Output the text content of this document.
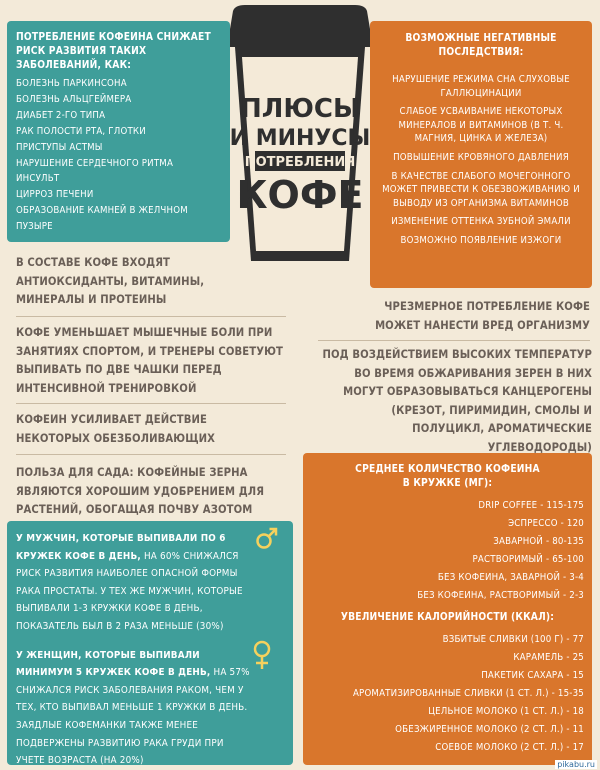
ПЛЮСЫ
И МИНУСЫ
ПОТРЕБЛЕНИЯ
КОФЕ
ПОТРЕБЛЕНИЕ КОФЕИНА СНИЖАЕТ РИСК РАЗВИТИЯ ТАКИХ ЗАБОЛЕВАНИЙ, КАК:
БОЛЕЗНЬ ПАРКИНСОНА
БОЛЕЗНЬ АЛЬЦГЕЙМЕРА
ДИАБЕТ 2-ГО ТИПА
РАК ПОЛОСТИ РТА, ГЛОТКИ
ПРИСТУПЫ АСТМЫ
НАРУШЕНИЕ СЕРДЕЧНОГО РИТМА
ИНСУЛЬТ
ЦИРРОЗ ПЕЧЕНИ
ОБРАЗОВАНИЕ КАМНЕЙ В ЖЕЛЧНОМ ПУЗЫРЕ
ВОЗМОЖНЫЕ НЕГАТИВНЫЕ ПОСЛЕДСТВИЯ:
НАРУШЕНИЕ РЕЖИМА СНА СЛУХОВЫЕ ГАЛЛЮЦИНАЦИИ
СЛАБОЕ УСВАИВАНИЕ НЕКОТОРЫХ МИНЕРАЛОВ И ВИТАМИНОВ (В Т. Ч. МАГНИЯ, ЦИНКА И ЖЕЛЕЗА)
ПОВЫШЕНИЕ КРОВЯНОГО ДАВЛЕНИЯ
В КАЧЕСТВЕ СЛАБОГО МОЧЕГОННОГО МОЖЕТ ПРИВЕСТИ К ОБЕЗВОЖИВАНИЮ И ВЫВОДУ ИЗ ОРГАНИЗМА ВИТАМИНОВ
ИЗМЕНЕНИЕ ОТТЕНКА ЗУБНОЙ ЭМАЛИ
ВОЗМОЖНО ПОЯВЛЕНИЕ ИЗЖОГИ
В СОСТАВЕ КОФЕ ВХОДЯТ АНТИОКСИДАНТЫ, ВИТАМИНЫ, МИНЕРАЛЫ И ПРОТЕИНЫ
КОФЕ УМЕНЬШАЕТ МЫШЕЧНЫЕ БОЛИ ПРИ ЗАНЯТИЯХ СПОРТОМ, И ТРЕНЕРЫ СОВЕТУЮТ ВЫПИВАТЬ ПО ДВЕ ЧАШКИ ПЕРЕД ИНТЕНСИВНОЙ ТРЕНИРОВКОЙ
КОФЕИН УСИЛИВАЕТ ДЕЙСТВИЕ НЕКОТОРЫХ ОБЕЗБОЛИВАЮЩИХ
ПОЛЬЗА ДЛЯ САДА: КОФЕЙНЫЕ ЗЕРНА ЯВЛЯЮТСЯ ХОРОШИМ УДОБРЕНИЕМ ДЛЯ РАСТЕНИЙ, ОБОГАЩАЯ ПОЧВУ АЗОТОМ
ЧРЕЗМЕРНОЕ ПОТРЕБЛЕНИЕ КОФЕ МОЖЕТ НАНЕСТИ ВРЕД ОРГАНИЗМУ
ПОД ВОЗДЕЙСТВИЕМ ВЫСОКИХ ТЕМПЕРАТУР ВО ВРЕМЯ ОБЖАРИВАНИЯ ЗЕРЕН В НИХ МОГУТ ОБРАЗОВЫВАТЬСЯ КАНЦЕРОГЕНЫ (КРЕЗОТ, ПИРИМИДИН, СМОЛЫ И ПОЛУЦИКЛ, АРОМАТИЧЕСКИЕ УГЛЕВОДОРОДЫ)

У МУЖЧИН, КОТОРЫЕ ВЫПИВАЛИ ПО 6 КРУЖЕК КОФЕ В ДЕНЬ, НА 60% СНИЖАЛСЯ РИСК РАЗВИТИЯ НАИБОЛЕЕ ОПАСНОЙ ФОРМЫ РАКА ПРОСТАТЫ. У ТЕХ ЖЕ МУЖЧИН, КОТОРЫЕ ВЫПИВАЛИ 1-3 КРУЖКИ КОФЕ В ДЕНЬ, ПОКАЗАТЕЛЬ БЫЛ В 2 РАЗА МЕНЬШЕ (30%)

У ЖЕНЩИН, КОТОРЫЕ ВЫПИВАЛИ МИНИМУМ 5 КРУЖЕК КОФЕ В ДЕНЬ, НА 57% СНИЖАЛСЯ РИСК ЗАБОЛЕВАНИЯ РАКОМ, ЧЕМ У ТЕХ, КТО ВЫПИВАЛ МЕНЬШЕ 1 КРУЖКИ В ДЕНЬ. ЗАЯДЛЫЕ КОФЕМАНКИ ТАКЖЕ МЕНЕЕ ПОДВЕРЖЕНЫ РАЗВИТИЮ РАКА ГРУДИ ПРИ УЧЕТЕ ВОЗРАСТА (НА 20%)

СРЕДНЕЕ КОЛИЧЕСТВО КОФЕИНА В КРУЖКЕ (МГ):
DRIP COFFEE - 115-175
ЭСПРЕССО - 120
ЗАВАРНОЙ - 80-135
РАСТВОРИМЫЙ - 65-100
БЕЗ КОФЕИНА, ЗАВАРНОЙ - 3-4
БЕЗ КОФЕИНА, РАСТВОРИМЫЙ - 2-3
УВЕЛИЧЕНИЕ КАЛОРИЙНОСТИ (ККАЛ):
ВЗБИТЫЕ СЛИВКИ (100 Г) - 77
КАРАМЕЛЬ - 25
ПАКЕТИК САХАРА - 15
АРОМАТИЗИРОВАННЫЕ СЛИВКИ (1 СТ. Л.) - 15-35
ЦЕЛЬНОЕ МОЛОКО (1 СТ. Л.) - 18
ОБЕЗЖИРЕННОЕ МОЛОКО (2 СТ. Л.) - 11
СОЕВОЕ МОЛОКО (2 СТ. Л.) - 17
pikabu.ru
